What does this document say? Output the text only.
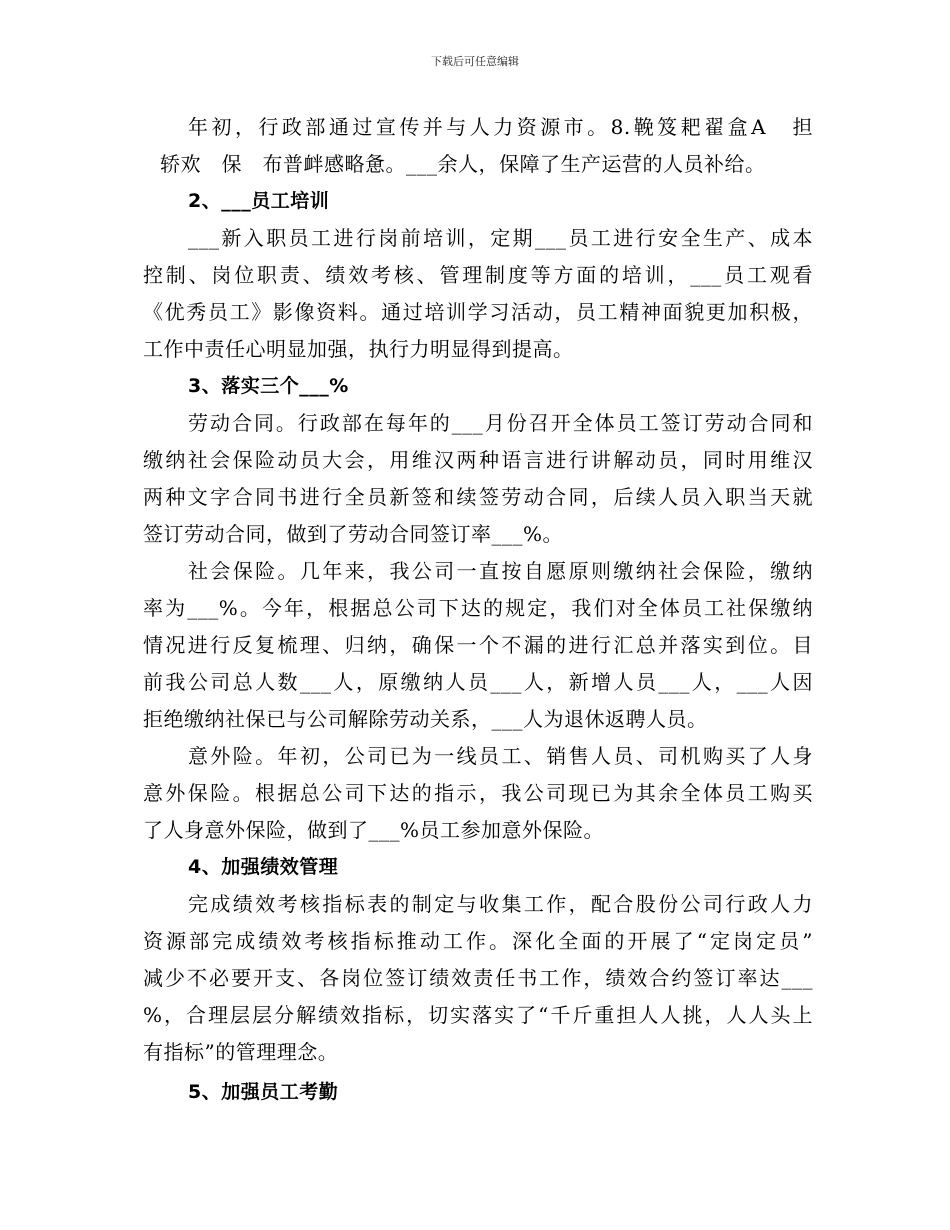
下载后可任意编辑
年初，行政部通过宣传并与人力资源市。8.鞔笈耙翟盒A　担
轿欢　保　布普衅感略惫。___余人，保障了生产运营的人员补给。
2、___员工培训
___新入职员工进行岗前培训，定期___员工进行安全生产、成本
控制、岗位职责、绩效考核、管理制度等方面的培训，___员工观看
《优秀员工》影像资料。通过培训学习活动，员工精神面貌更加积极，
工作中责任心明显加强，执行力明显得到提高。
3、落实三个___%
劳动合同。行政部在每年的___月份召开全体员工签订劳动合同和
缴纳社会保险动员大会，用维汉两种语言进行讲解动员，同时用维汉
两种文字合同书进行全员新签和续签劳动合同，后续人员入职当天就
签订劳动合同，做到了劳动合同签订率___%。
社会保险。几年来，我公司一直按自愿原则缴纳社会保险，缴纳
率为___%。今年，根据总公司下达的规定，我们对全体员工社保缴纳
情况进行反复梳理、归纳，确保一个不漏的进行汇总并落实到位。目
前我公司总人数___人，原缴纳人员___人，新增人员___人，___人因
拒绝缴纳社保已与公司解除劳动关系，___人为退休返聘人员。
意外险。年初，公司已为一线员工、销售人员、司机购买了人身
意外保险。根据总公司下达的指示，我公司现已为其余全体员工购买
了人身意外保险，做到了___%员工参加意外保险。
4、加强绩效管理
完成绩效考核指标表的制定与收集工作，配合股份公司行政人力
资源部完成绩效考核指标推动工作。深化全面的开展了“定岗定员”
减少不必要开支、各岗位签订绩效责任书工作，绩效合约签订率达___
%，合理层层分解绩效指标，切实落实了“千斤重担人人挑，人人头上
有指标”的管理理念。
5、加强员工考勤
